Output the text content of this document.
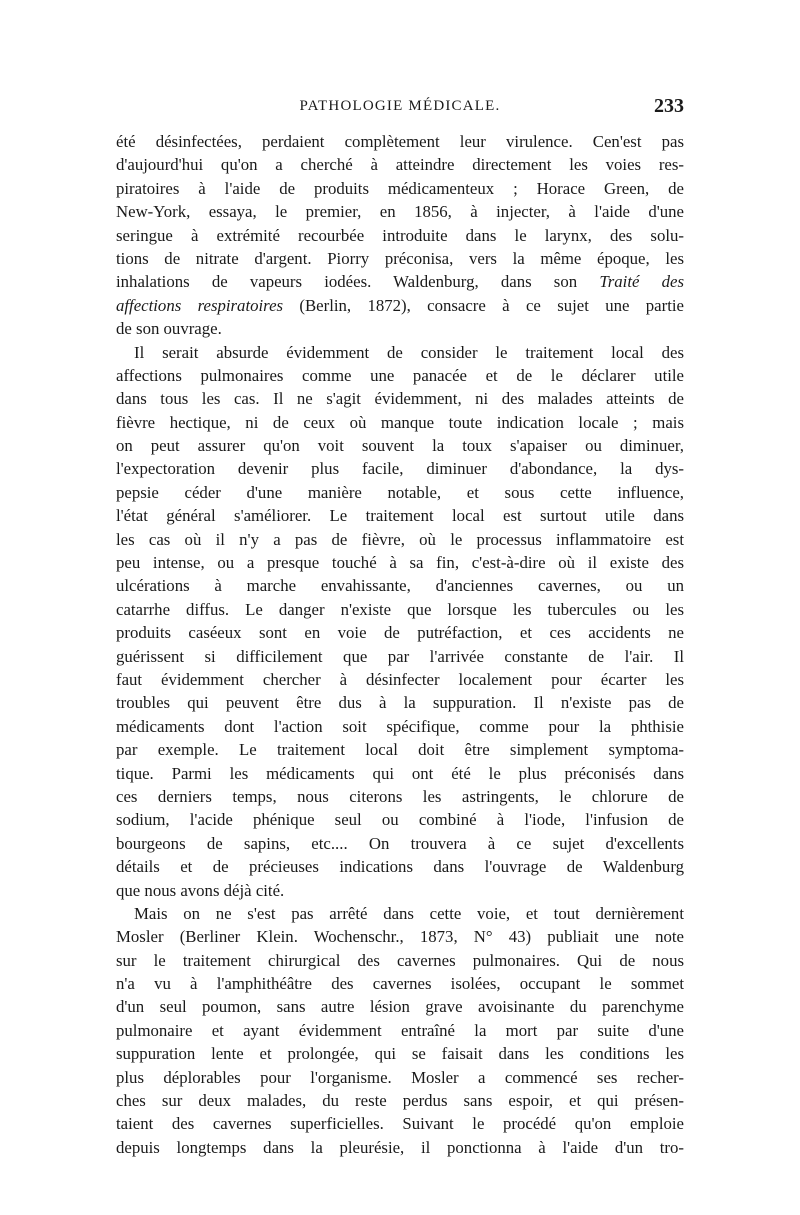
PATHOLOGIE MÉDICALE.	233
été désinfectées, perdaient complètement leur virulence. Cen'est pas
d'aujourd'hui qu'on a cherché à atteindre directement les voies res-
piratoires à l'aide de produits médicamenteux ; Horace Green, de
New-York, essaya, le premier, en 1856, à injecter, à l'aide d'une
seringue à extrémité recourbée introduite dans le larynx, des solu-
tions de nitrate d'argent. Piorry préconisa, vers la même époque, les
inhalations de vapeurs iodées. Waldenburg, dans son Traité des
affections respiratoires (Berlin, 1872), consacre à ce sujet une partie
de son ouvrage.
Il serait absurde évidemment de consider le traitement local des
affections pulmonaires comme une panacée et de le déclarer utile
dans tous les cas. Il ne s'agit évidemment, ni des malades atteints de
fièvre hectique, ni de ceux où manque toute indication locale ; mais
on peut assurer qu'on voit souvent la toux s'apaiser ou diminuer,
l'expectoration devenir plus facile, diminuer d'abondance, la dys-
pepsie céder d'une manière notable, et sous cette influence,
l'état général s'améliorer. Le traitement local est surtout utile dans
les cas où il n'y a pas de fièvre, où le processus inflammatoire est
peu intense, ou a presque touché à sa fin, c'est-à-dire où il existe des
ulcérations à marche envahissante, d'anciennes cavernes, ou un
catarrhe diffus. Le danger n'existe que lorsque les tubercules ou les
produits caséeux sont en voie de putréfaction, et ces accidents ne
guérissent si difficilement que par l'arrivée constante de l'air. Il
faut évidemment chercher à désinfecter localement pour écarter les
troubles qui peuvent être dus à la suppuration. Il n'existe pas de
médicaments dont l'action soit spécifique, comme pour la phthisie
par exemple. Le traitement local doit être simplement symptoma-
tique. Parmi les médicaments qui ont été le plus préconisés dans
ces derniers temps, nous citerons les astringents, le chlorure de
sodium, l'acide phénique seul ou combiné à l'iode, l'infusion de
bourgeons de sapins, etc.... On trouvera à ce sujet d'excellents
détails et de précieuses indications dans l'ouvrage de Waldenburg
que nous avons déjà cité.
Mais on ne s'est pas arrêté dans cette voie, et tout dernièrement
Mosler (Berliner Klein. Wochenschr., 1873, N° 43) publiait une note
sur le traitement chirurgical des cavernes pulmonaires. Qui de nous
n'a vu à l'amphithéâtre des cavernes isolées, occupant le sommet
d'un seul poumon, sans autre lésion grave avoisinante du parenchyme
pulmonaire et ayant évidemment entraîné la mort par suite d'une
suppuration lente et prolongée, qui se faisait dans les conditions les
plus déplorables pour l'organisme. Mosler a commencé ses recher-
ches sur deux malades, du reste perdus sans espoir, et qui présen-
taient des cavernes superficielles. Suivant le procédé qu'on emploie
depuis longtemps dans la pleurésie, il ponctionna à l'aide d'un tro-
